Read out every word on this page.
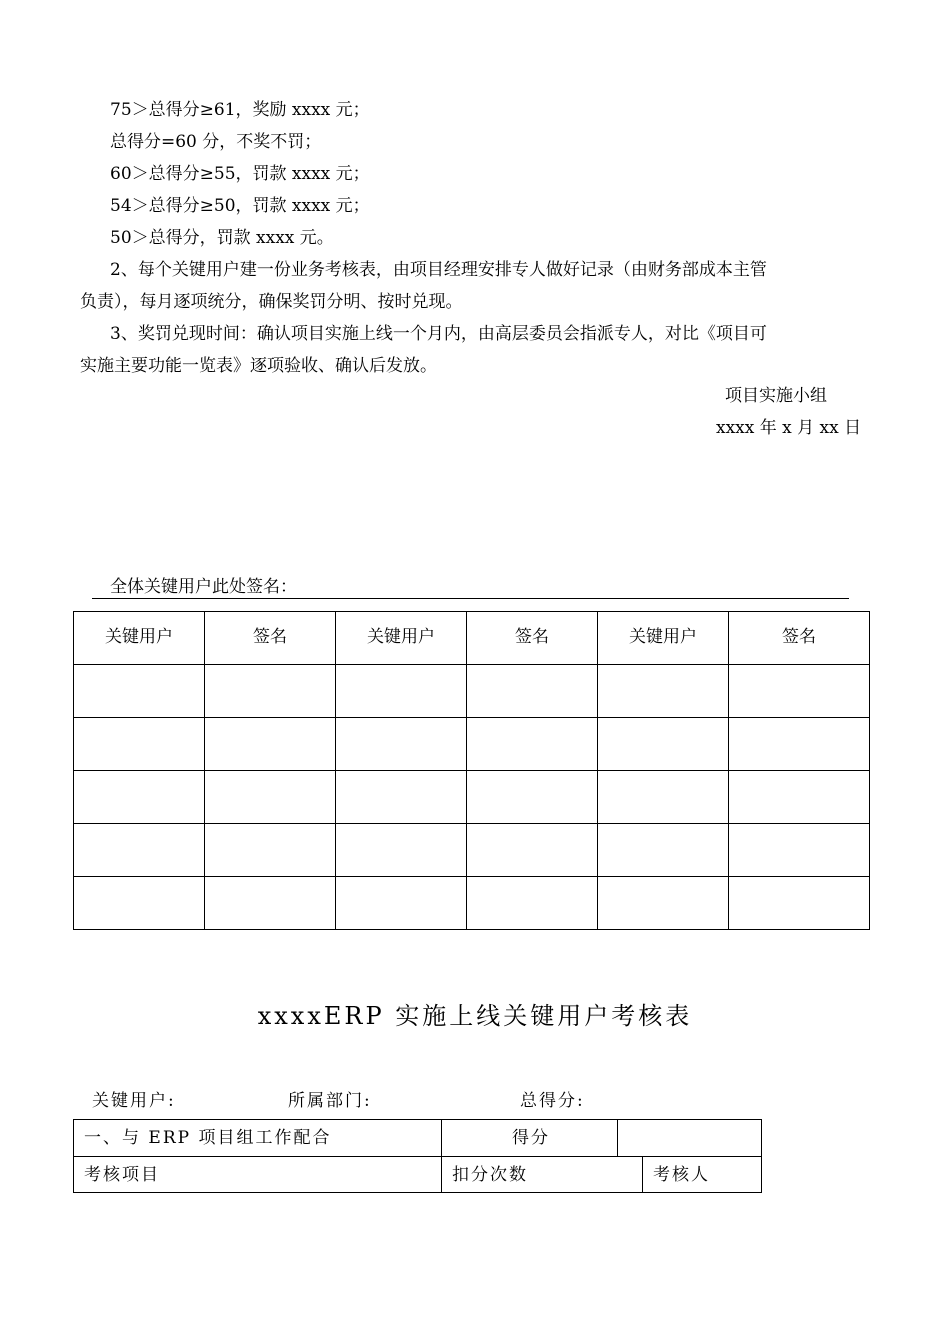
75＞总得分≥61，奖励 xxxx 元；
总得分=60 分，不奖不罚；
60＞总得分≥55，罚款 xxxx 元；
54＞总得分≥50，罚款 xxxx 元；
50＞总得分，罚款 xxxx 元。
2、每个关键用户建一份业务考核表，由项目经理安排专人做好记录（由财务部成本主管
负责），每月逐项统分，确保奖罚分明、按时兑现。
3、奖罚兑现时间：确认项目实施上线一个月内，由高层委员会指派专人，对比《项目可
实施主要功能一览表》逐项验收、确认后发放。
项目实施小组
xxxx 年 x 月 xx 日
全体关键用户此处签名：
关键用户	签名	关键用户	签名	关键用户	签名

xxxxERP 实施上线关键用户考核表
关键用户:	所属部门:	总得分:
一、与 ERP 项目组工作配合	得分
考核项目	扣分次数	考核人
